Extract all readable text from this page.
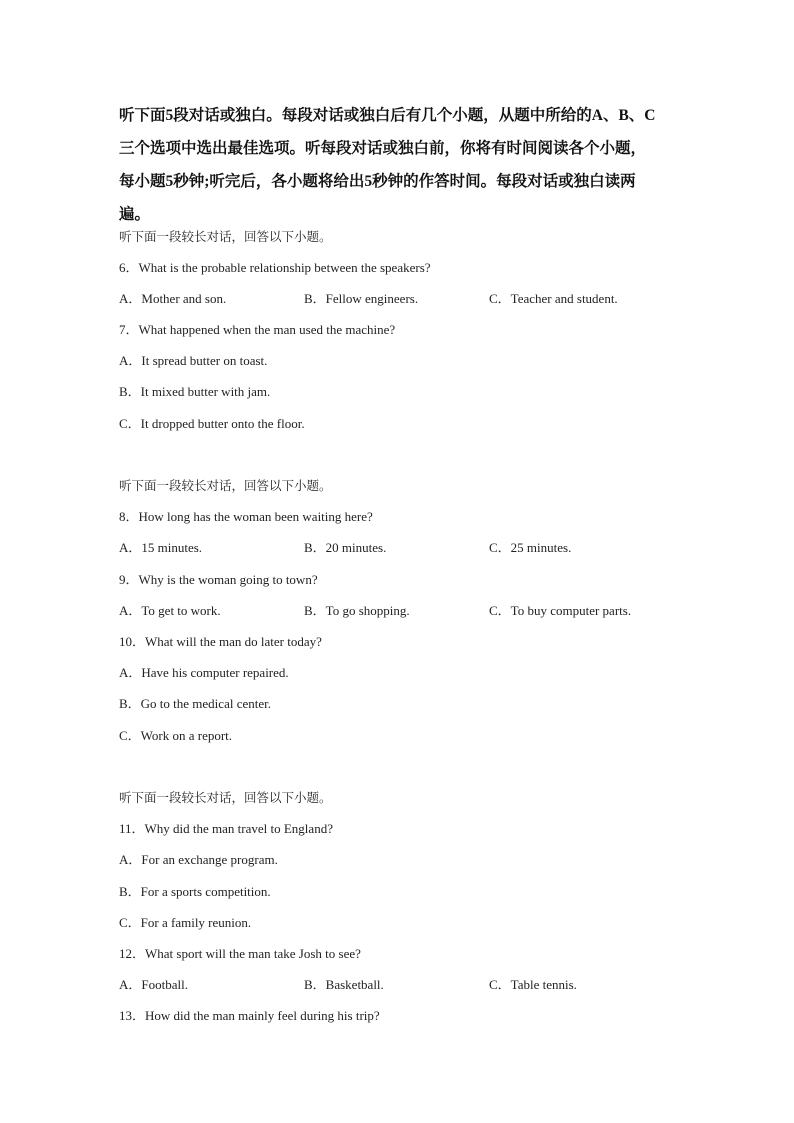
听下面5段对话或独白。每段对话或独白后有几个小题，从题中所给的A、B、C

三个选项中选出最佳选项。听每段对话或独白前，你将有时间阅读各个小题，

每小题5秒钟;听完后，各小题将给出5秒钟的作答时间。每段对话或独白读两

遍。

听下面一段较长对话，回答以下小题。
6．What is the probable relationship between the speakers?
A．Mother and son.	B．Fellow engineers.	C．Teacher and student.
7．What happened when the man used the machine?
A．It spread butter on toast.
B．It mixed butter with jam.
C．It dropped butter onto the floor.
听下面一段较长对话，回答以下小题。
8．How long has the woman been waiting here?
A．15 minutes.	B．20 minutes.	C．25 minutes.
9．Why is the woman going to town?
A．To get to work.	B．To go shopping.	C．To buy computer parts.
10．What will the man do later today?
A．Have his computer repaired.
B．Go to the medical center.
C．Work on a report.
听下面一段较长对话，回答以下小题。
11．Why did the man travel to England?
A．For an exchange program.
B．For a sports competition.
C．For a family reunion.
12．What sport will the man take Josh to see?
A．Football.	B．Basketball.	C．Table tennis.
13．How did the man mainly feel during his trip?
